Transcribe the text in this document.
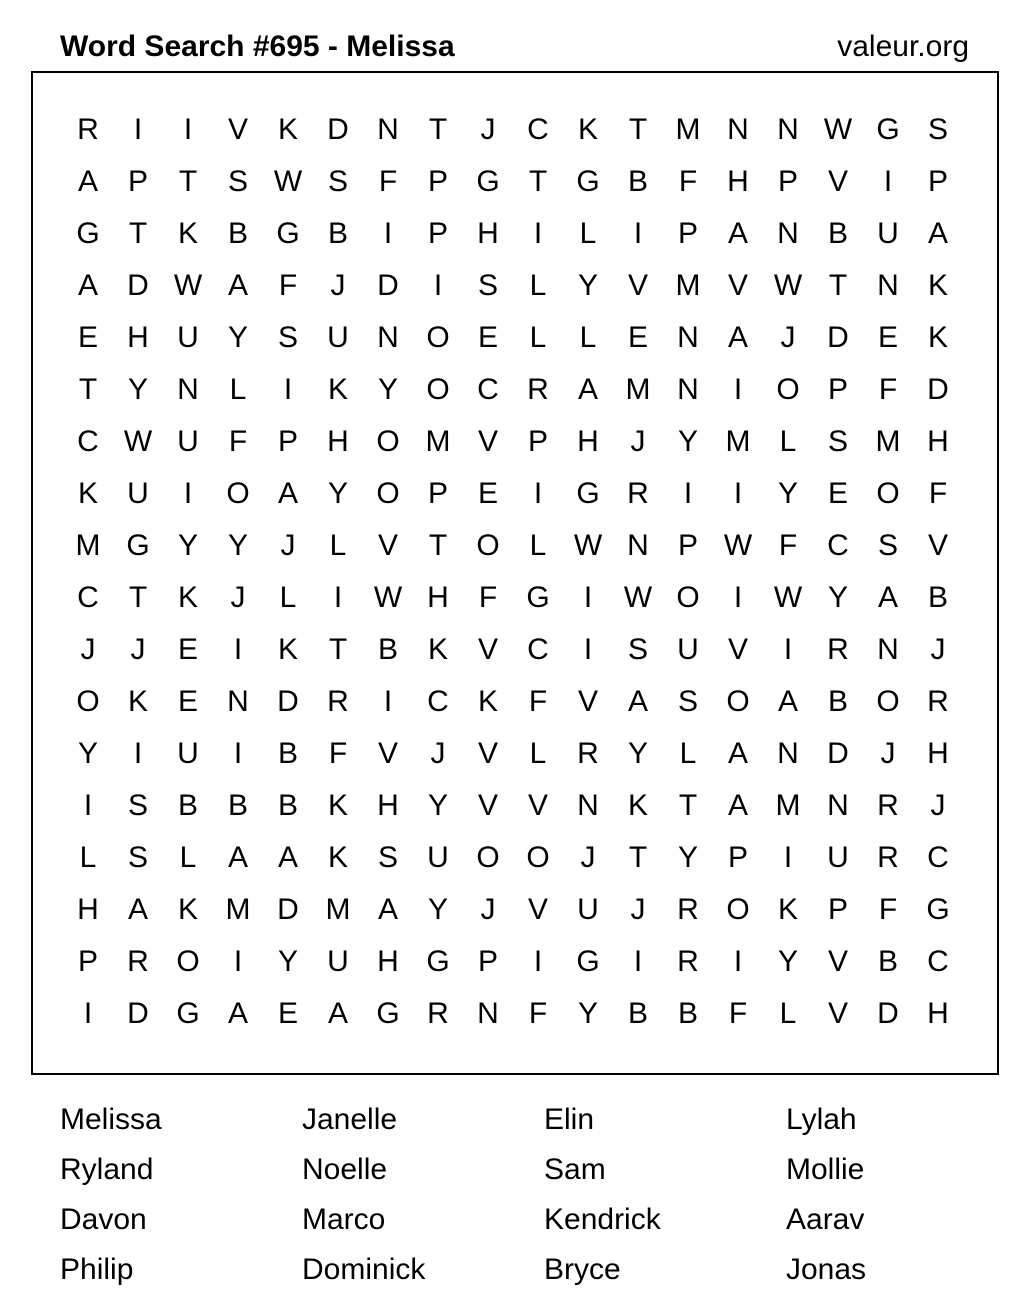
Word Search #695 - Melissa	valeur.org
R	I	I	V K D N	T	J	C K	T M N N W G S
A P	T	S W S	F	P G T G B	F	H P V	I	P
G T	K B G B	I	P H	I	L	I	P A N B U A
A D W A	F	J	D	I	S	L	Y V M V W T	N K
E H U Y S U N O E	L	L	E N A	J	D E K
T	Y N	L	I	K Y O C R A M N	I	O P	F	D
C W U	F	P H O M V P H	J	Y M L	S M H
K U	I	O A Y O P E	I	G R	I	I	Y E O F
M G Y Y	J	L	V	T O L W N P W F	C S V
C	T	K	J	L	I	W H	F G	I	W O	I	W Y A B
J	J	E	I	K	T	B K V C	I	S U V	I	R N	J
O K E N D R	I	C K	F	V A S O A B O R
Y	I	U	I	B	F	V	J	V	L	R Y	L	A N D	J	H
I	S B B B K H Y V V N K	T	A M N R	J
L	S	L	A A K S U O O	J	T	Y P	I	U R C
H A K M D M A Y	J	V U	J	R O K P	F G
P R O	I	Y U H G P	I	G	I	R	I	Y V B C
I	D G A E A G R N	F	Y B B	F	L	V D H
Melissa	Janelle	Elin	Lylah
Ryland	Noelle	Sam	Mollie
Davon	Marco	Kendrick	Aarav
Philip	Dominick	Bryce	Jonas
